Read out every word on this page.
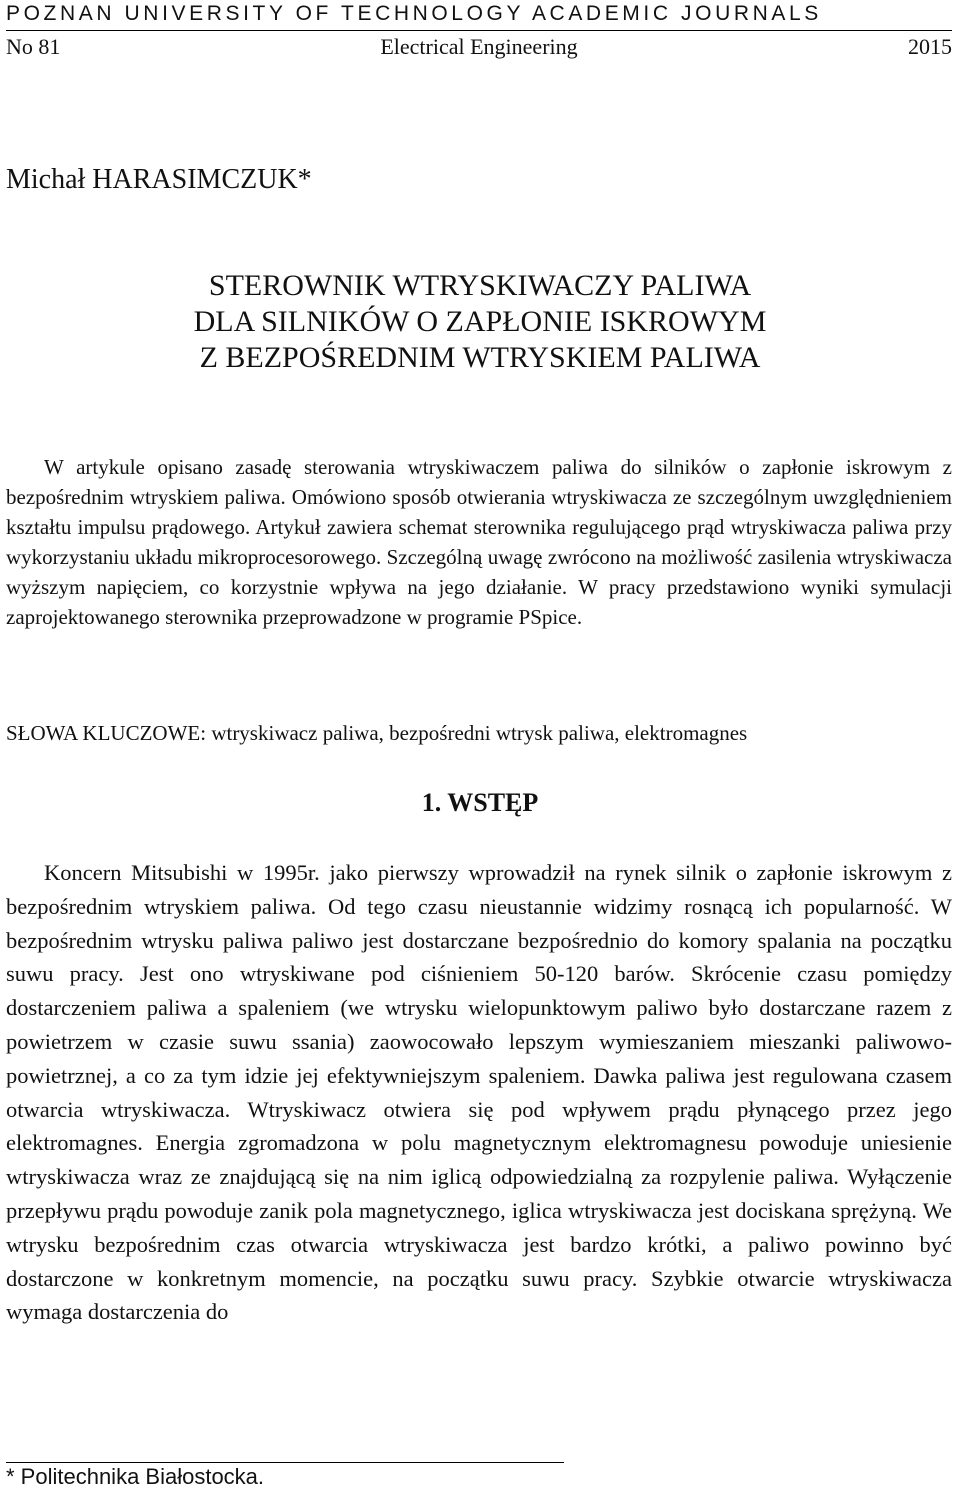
POZNAN UNIVERSITY OF TECHNOLOGY ACADEMIC JOURNALS
Electrical Engineering
No 81	2015
Michał HARASIMCZUK*
STEROWNIK WTRYSKIWACZY PALIWA
DLA SILNIKÓW O ZAPŁONIE ISKROWYM
Z BEZPOŚREDNIM WTRYSKIEM PALIWA
W artykule opisano zasadę sterowania wtryskiwaczem paliwa do silników o zapłonie iskrowym z bezpośrednim wtryskiem paliwa. Omówiono sposób otwierania wtryskiwacza ze szczególnym uwzględnieniem kształtu impulsu prądowego. Artykuł zawiera schemat sterownika regulującego prąd wtryskiwacza paliwa przy wykorzystaniu układu mikroprocesorowego. Szczególną uwagę zwrócono na możliwość zasilenia wtryskiwacza wyższym napięciem, co korzystnie wpływa na jego działanie. W pracy przedstawiono wyniki symulacji zaprojektowanego sterownika przeprowadzone w programie PSpice.
SŁOWA KLUCZOWE: wtryskiwacz paliwa, bezpośredni wtrysk paliwa, elektromagnes
1. WSTĘP

Koncern Mitsubishi w 1995r. jako pierwszy wprowadził na rynek silnik o zapłonie iskrowym z bezpośrednim wtryskiem paliwa. Od tego czasu nieustannie widzimy rosnącą ich popularność. W bezpośrednim wtrysku paliwa paliwo jest dostarczane bezpośrednio do komory spalania na początku suwu pracy. Jest ono wtryskiwane pod ciśnieniem 50-120 barów. Skrócenie czasu pomiędzy dostarczeniem paliwa a spaleniem (we wtrysku wielopunktowym paliwo było dostarczane razem z powietrzem w czasie suwu ssania) zaowocowało lepszym wymieszaniem mieszanki paliwowo-powietrznej, a co za tym idzie jej efektywniejszym spaleniem. Dawka paliwa jest regulowana czasem otwarcia wtryskiwacza. Wtryskiwacz otwiera się pod wpływem prądu płynącego przez jego elektromagnes. Energia zgromadzona w polu magnetycznym elektromagnesu powoduje uniesienie wtryskiwacza wraz ze znajdującą się na nim iglicą odpowiedzialną za rozpylenie paliwa. Wyłączenie przepływu prądu powoduje zanik pola magnetycznego, iglica wtryskiwacza jest dociskana sprężyną. We wtrysku bezpośrednim czas otwarcia wtryskiwacza jest bardzo krótki, a paliwo powinno być dostarczone w konkretnym momencie, na początku suwu pracy. Szybkie otwarcie wtryskiwacza wymaga dostarczenia do

* Politechnika Białostocka.
